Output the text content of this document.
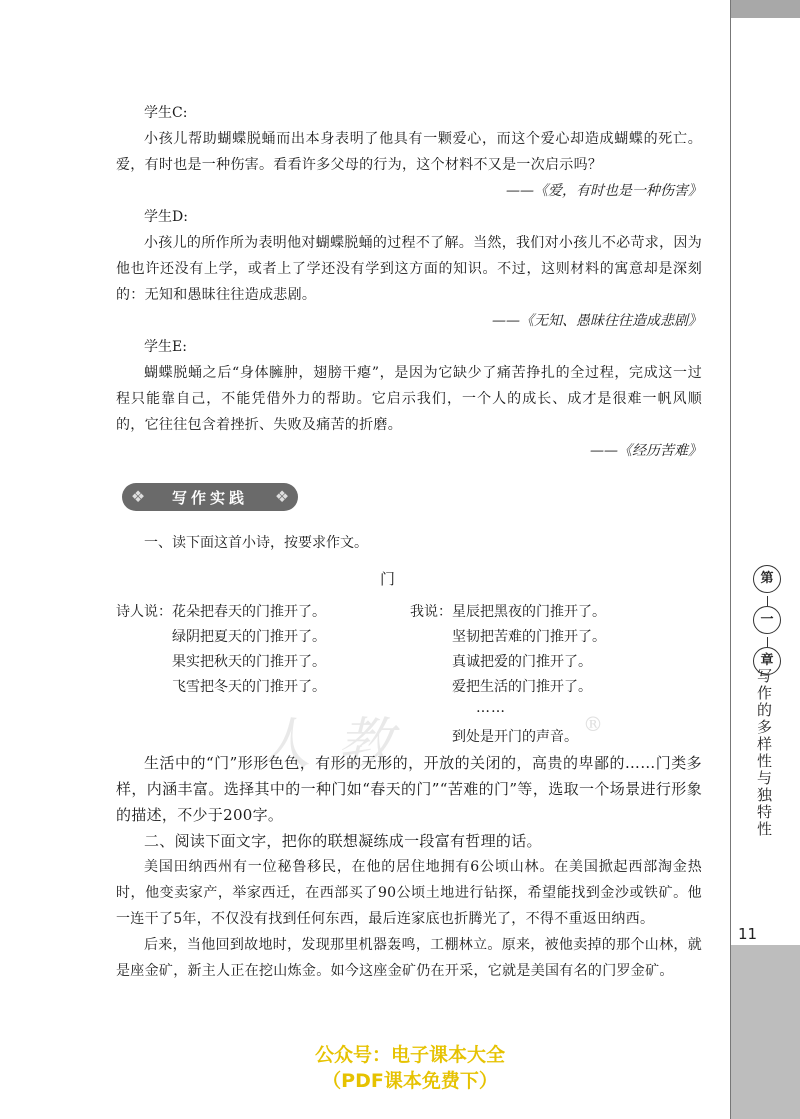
第
一
章
写作的多样性与独特性
11

学生C:

小孩儿帮助蝴蝶脱蛹而出本身表明了他具有一颗爱心，而这个爱心却造成蝴蝶的死亡。爱，有时也是一种伤害。看看许多父母的行为，这个材料不又是一次启示吗？

——《爱，有时也是一种伤害》

学生D:

小孩儿的所作所为表明他对蝴蝶脱蛹的过程不了解。当然，我们对小孩儿不必苛求，因为他也许还没有上学，或者上了学还没有学到这方面的知识。不过，这则材料的寓意却是深刻的：无知和愚昧往往造成悲剧。

——《无知、愚昧往往造成悲剧》

学生E:

蝴蝶脱蛹之后“身体臃肿，翅膀干瘪”，是因为它缺少了痛苦挣扎的全过程，完成这一过程只能靠自己，不能凭借外力的帮助。它启示我们，一个人的成长、成才是很难一帆风顺的，它往往包含着挫折、失败及痛苦的折磨。

——《经历苦难》

❖ 写作实践 ❖

一、读下面这首小诗，按要求作文。

门
诗人说：花朵把春天的门推开了。
绿阴把夏天的门推开了。
果实把秋天的门推开了。
飞雪把冬天的门推开了。
我说：星辰把黑夜的门推开了。
坚韧把苦难的门推开了。
真诚把爱的门推开了。
爱把生活的门推开了。
……
到处是开门的声音。
人教	®

生活中的“门”形形色色，有形的无形的，开放的关闭的，高贵的卑鄙的……门类多样，内涵丰富。选择其中的一种门如“春天的门”“苦难的门”等，选取一个场景进行形象的描述，不少于200字。

二、阅读下面文字，把你的联想凝练成一段富有哲理的话。

美国田纳西州有一位秘鲁移民，在他的居住地拥有6公顷山林。在美国掀起西部淘金热时，他变卖家产，举家西迁，在西部买了90公顷土地进行钻探，希望能找到金沙或铁矿。他一连干了5年，不仅没有找到任何东西，最后连家底也折腾光了，不得不重返田纳西。

后来，当他回到故地时，发现那里机器轰鸣，工棚林立。原来，被他卖掉的那个山林，就是座金矿，新主人正在挖山炼金。如今这座金矿仍在开采，它就是美国有名的门罗金矿。

公众号：电子课本大全
（PDF课本免费下）
